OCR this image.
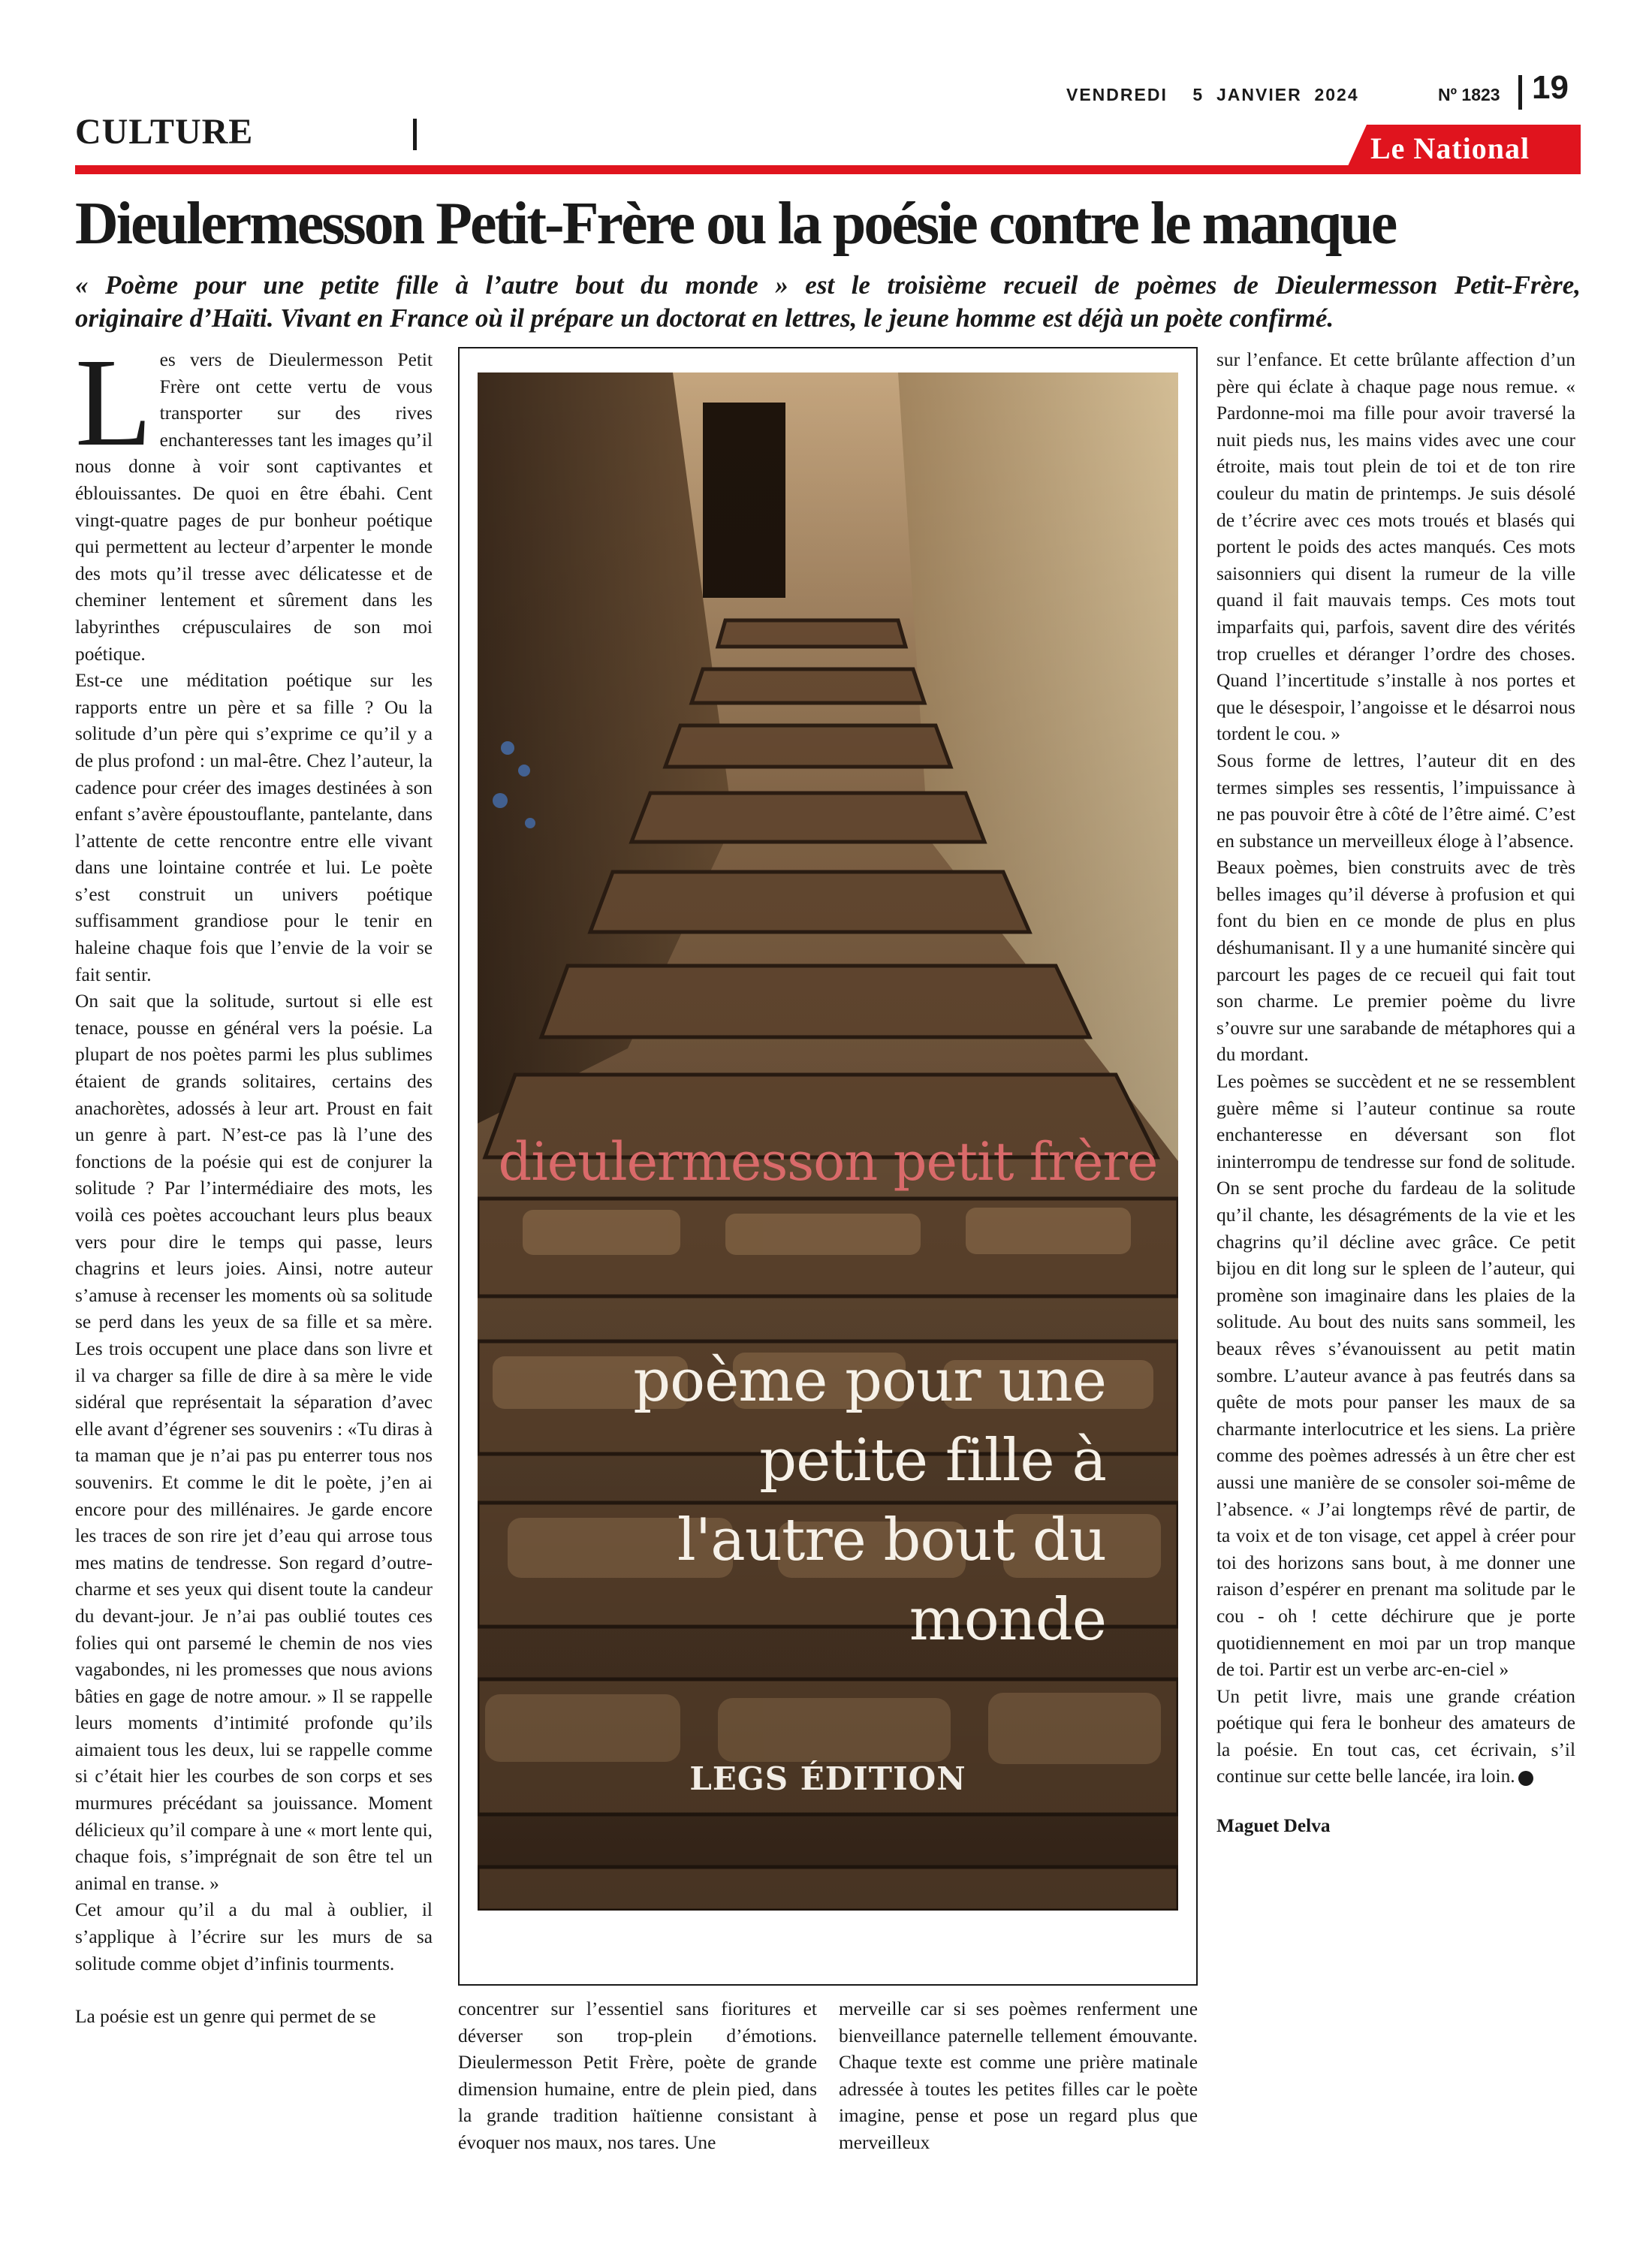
VENDREDI    5  JANVIER  2024	Nº 1823 19
CULTURE	Le National
Dieulermesson Petit-Frère ou la poésie contre le manque
« Poème pour une petite fille à l’autre bout du monde » est le troisième recueil de poèmes de Dieulermesson Petit-Frère,
originaire d’Haïti. Vivant en France où il prépare un doctorat en lettres, le jeune homme est déjà un poète confirmé.
L es vers de Dieulermesson Petit Frère ont cette vertu de vous transporter sur des rives enchanteresses tant les images qu’il nous donne à voir sont captivantes et éblouissantes. De quoi en être ébahi. Cent vingt-quatre pages de pur bonheur poétique qui permettent au lecteur d’arpenter le monde des mots qu’il tresse avec délicatesse et de cheminer lentement et sûrement dans les labyrinthes crépusculaires de son moi poétique.

Est-ce une méditation poétique sur les rapports entre un père et sa fille ? Ou la solitude d’un père qui s’exprime ce qu’il y a de plus profond : un mal-être. Chez l’auteur, la cadence pour créer des images destinées à son enfant s’avère époustouflante, pantelante, dans l’attente de cette rencontre entre elle vivant dans une lointaine contrée et lui. Le poète s’est construit un univers poétique suffisamment grandiose pour le tenir en haleine chaque fois que l’envie de la voir se fait sentir.

On sait que la solitude, surtout si elle est tenace, pousse en général vers la poésie. La plupart de nos poètes parmi les plus sublimes étaient de grands solitaires, certains des anachorètes, adossés à leur art. Proust en fait un genre à part. N’est-ce pas là l’une des fonctions de la poésie qui est de conjurer la solitude ? Par l’intermédiaire des mots, les voilà ces poètes accouchant leurs plus beaux vers pour dire le temps qui passe, leurs chagrins et leurs joies. Ainsi, notre auteur s’amuse à recenser les moments où sa solitude se perd dans les yeux de sa fille et sa mère. Les trois occupent une place dans son livre et il va charger sa fille de dire à sa mère le vide sidéral que représentait la séparation d’avec elle avant d’égrener ses souvenirs : «Tu diras à ta maman que je n’ai pas pu enterrer tous nos souvenirs. Et comme le dit le poète, j’en ai encore pour des millénaires. Je garde encore les traces de son rire jet d’eau qui arrose tous mes matins de tendresse. Son regard d’outre-charme et ses yeux qui disent toute la candeur du devant-jour. Je n’ai pas oublié toutes ces folies qui ont parsemé le chemin de nos vies vagabondes, ni les promesses que nous avions bâties en gage de notre amour. » Il se rappelle leurs moments d’intimité profonde qu’ils aimaient tous les deux, lui se rappelle comme si c’était hier les courbes de son corps et ses murmures précédant sa jouissance. Moment délicieux qu’il compare à une « mort lente qui, chaque fois, s’imprégnait de son être tel un animal en transe. »

Cet amour qu’il a du mal à oublier, il s’applique à l’écrire sur les murs de sa solitude comme objet d’infinis tourments.

La poésie est un genre qui permet de se

dieulermesson petit frère
poème pour une
petite fille à
l'autre bout du
monde
LEGS ÉDITION

concentrer sur l’essentiel sans fioritures et déverser son trop-plein d’émotions. Dieulermesson Petit Frère, poète de grande dimension humaine, entre de plein pied, dans la grande tradition haïtienne consistant à évoquer nos maux, nos tares. Une

merveille car si ses poèmes renferment une bienveillance paternelle tellement émouvante. Chaque texte est comme une prière matinale adressée à toutes les petites filles car le poète imagine, pense et pose un regard plus que merveilleux

sur l’enfance. Et cette brûlante affection d’un père qui éclate à chaque page nous remue. « Pardonne-moi ma fille pour avoir traversé la nuit pieds nus, les mains vides avec une cour étroite, mais tout plein de toi et de ton rire couleur du matin de printemps. Je suis désolé de t’écrire avec ces mots troués et blasés qui portent le poids des actes manqués. Ces mots saisonniers qui disent la rumeur de la ville quand il fait mauvais temps. Ces mots tout imparfaits qui, parfois, savent dire des vérités trop cruelles et déranger l’ordre des choses. Quand l’incertitude s’installe à nos portes et que le désespoir, l’angoisse et le désarroi nous tordent le cou. »

Sous forme de lettres, l’auteur dit en des termes simples ses ressentis, l’impuissance à ne pas pouvoir être à côté de l’être aimé. C’est en substance un merveilleux éloge à l’absence.

Beaux poèmes, bien construits avec de très belles images qu’il déverse à profusion et qui font du bien en ce monde de plus en plus déshumanisant. Il y a une humanité sincère qui parcourt les pages de ce recueil qui fait tout son charme. Le premier poème du livre s’ouvre sur une sarabande de métaphores qui a du mordant.

Les poèmes se succèdent et ne se ressemblent guère même si l’auteur continue sa route enchanteresse en déversant son flot ininterrompu de tendresse sur fond de solitude. On se sent proche du fardeau de la solitude qu’il chante, les désagréments de la vie et les chagrins qu’il décline avec grâce. Ce petit bijou en dit long sur le spleen de l’auteur, qui promène son imaginaire dans les plaies de la solitude. Au bout des nuits sans sommeil, les beaux rêves s’évanouissent au petit matin sombre. L’auteur avance à pas feutrés dans sa quête de mots pour panser les maux de sa charmante interlocutrice et les siens. La prière comme des poèmes adressés à un être cher est aussi une manière de se consoler soi-même de l’absence. « J’ai longtemps rêvé de partir, de ta voix et de ton visage, cet appel à créer pour toi des horizons sans bout, à me donner une raison d’espérer en prenant ma solitude par le cou - oh ! cette déchirure que je porte quotidiennement en moi par un trop manque de toi. Partir est un verbe arc-en-ciel »

Un petit livre, mais une grande création poétique qui fera le bonheur des amateurs de la poésie. En tout cas, cet écrivain, s’il continue sur cette belle lancée, ira loin.

Maguet Delva
